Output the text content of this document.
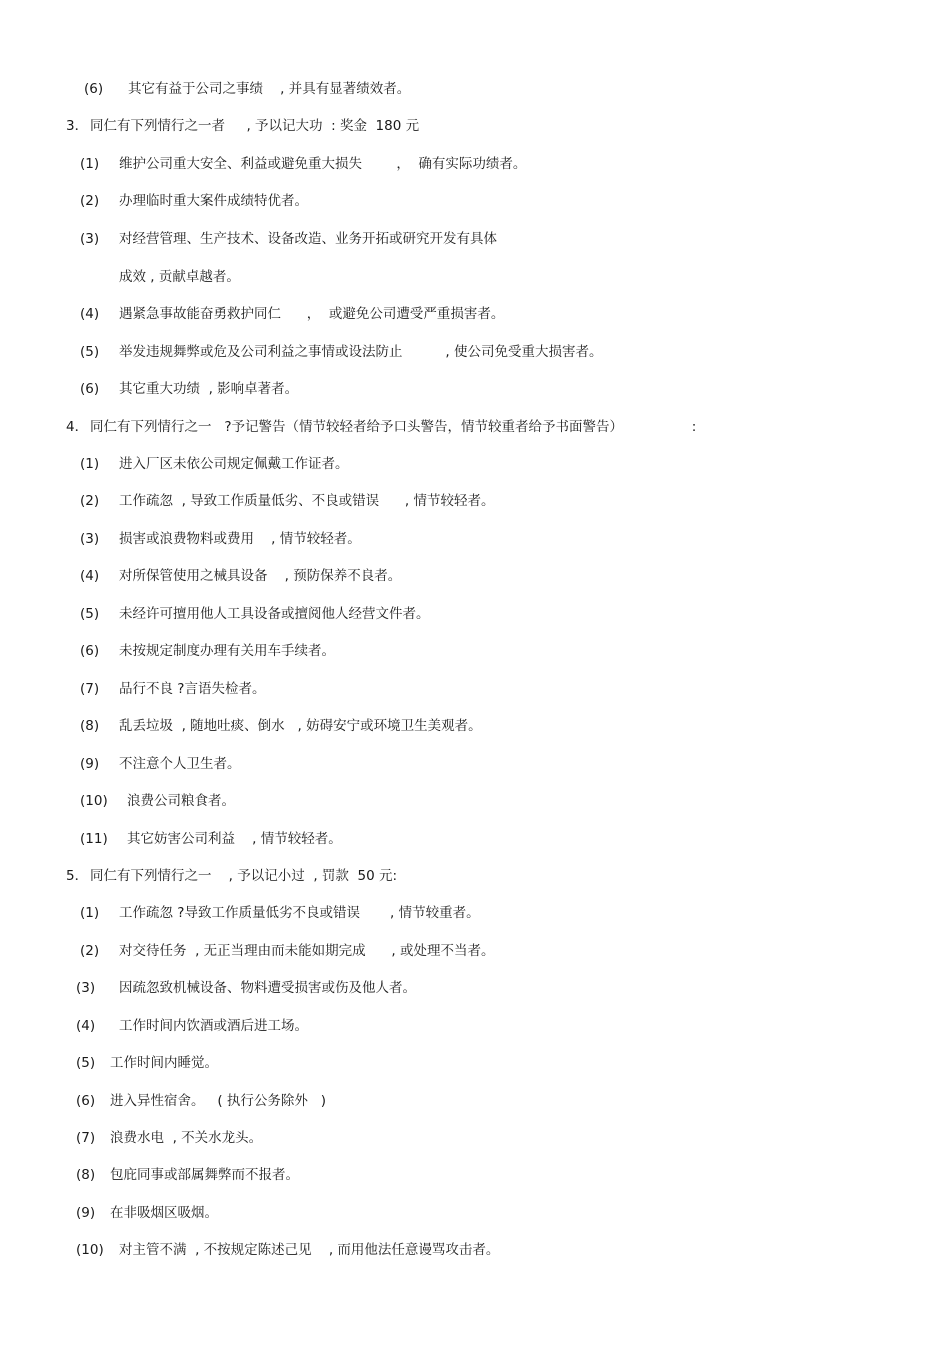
(6) 其它有益于公司之事绩    , 并具有显著绩效者。
3． 同仁有下列情行之一者     , 予以记大功  : 奖金  180 元
(1) 维护公司重大安全、利益或避免重大损失        ，  确有实际功绩者。
(2) 办理临时重大案件成绩特优者。
(3) 对经营管理、生产技术、设备改造、业务开拓或研究开发有具体
成效 , 贡献卓越者。
(4) 遇紧急事故能奋勇救护同仁      ，  或避免公司遭受严重损害者。
(5) 举发违规舞弊或危及公司利益之事情或设法防止          , 使公司免受重大损害者。
(6) 其它重大功绩  , 影响卓著者。
4． 同仁有下列情行之一   ?予记警告（情节较轻者给予口头警告，情节较重者给予书面警告）                :
(1) 进入厂区未依公司规定佩戴工作证者。
(2) 工作疏忽  , 导致工作质量低劣、不良或错误      , 情节较轻者。
(3) 损害或浪费物料或费用    , 情节较轻者。
(4) 对所保管使用之械具设备    , 预防保养不良者。
(5) 未经许可擅用他人工具设备或擅阅他人经营文件者。
(6) 未按规定制度办理有关用车手续者。
(7) 品行不良 ?言语失检者。
(8) 乱丢垃圾  , 随地吐痰、倒水   , 妨碍安宁或环境卫生美观者。
(9) 不注意个人卫生者。
(10) 浪费公司粮食者。
(11) 其它妨害公司利益    , 情节较轻者。
5． 同仁有下列情行之一    , 予以记小过  , 罚款  50 元:
(1) 工作疏忽 ?导致工作质量低劣不良或错误       , 情节较重者。
(2) 对交待任务  , 无正当理由而未能如期完成      , 或处理不当者。
(3) 因疏忽致机械设备、物料遭受损害或伤及他人者。
(4) 工作时间内饮酒或酒后进工场。
(5) 工作时间内睡觉。
(6) 进入异性宿舍。   ( 执行公务除外   )
(7) 浪费水电  , 不关水龙头。
(8) 包庇同事或部属舞弊而不报者。
(9) 在非吸烟区吸烟。
(10) 对主管不满  , 不按规定陈述己见    , 而用他法任意谩骂攻击者。
